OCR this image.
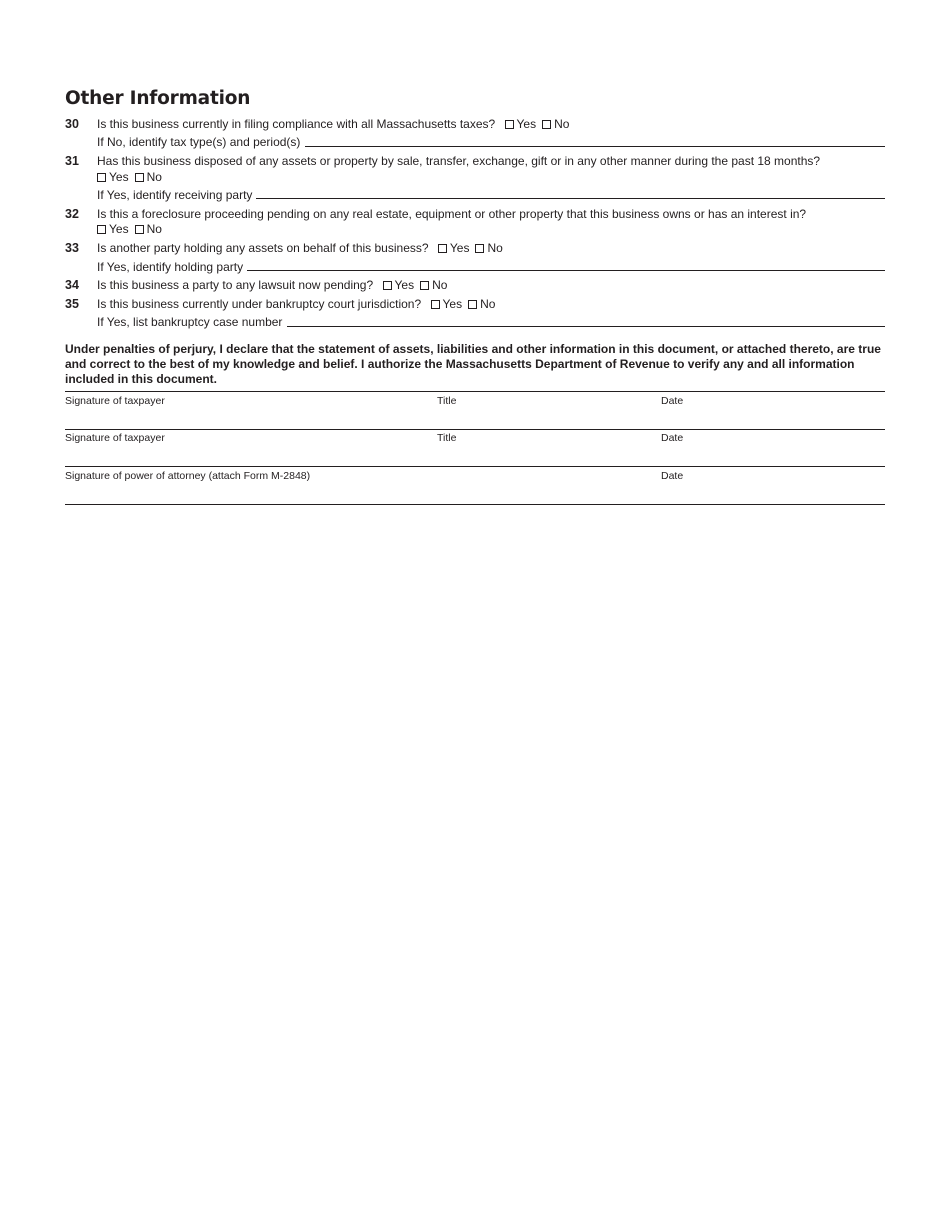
Other Information
30 Is this business currently in filing compliance with all Massachusetts taxes? Yes No
If No, identify tax type(s) and period(s)
31 Has this business disposed of any assets or property by sale, transfer, exchange, gift or in any other manner during the past 18 months?
Yes No
If Yes, identify receiving party
32 Is this a foreclosure proceeding pending on any real estate, equipment or other property that this business owns or has an interest in?
Yes No
33 Is another party holding any assets on behalf of this business? Yes No
If Yes, identify holding party
34 Is this business a party to any lawsuit now pending? Yes No
35 Is this business currently under bankruptcy court jurisdiction? Yes No
If Yes, list bankruptcy case number
Under penalties of perjury, I declare that the statement of assets, liabilities and other information in this document, or attached thereto, are true and correct to the best of my knowledge and belief. I authorize the Massachusetts Department of Revenue to verify any and all information included in this document.
Signature of taxpayer	Title	Date
Signature of taxpayer	Title	Date
Signature of power of attorney (attach Form M-2848)	Date
